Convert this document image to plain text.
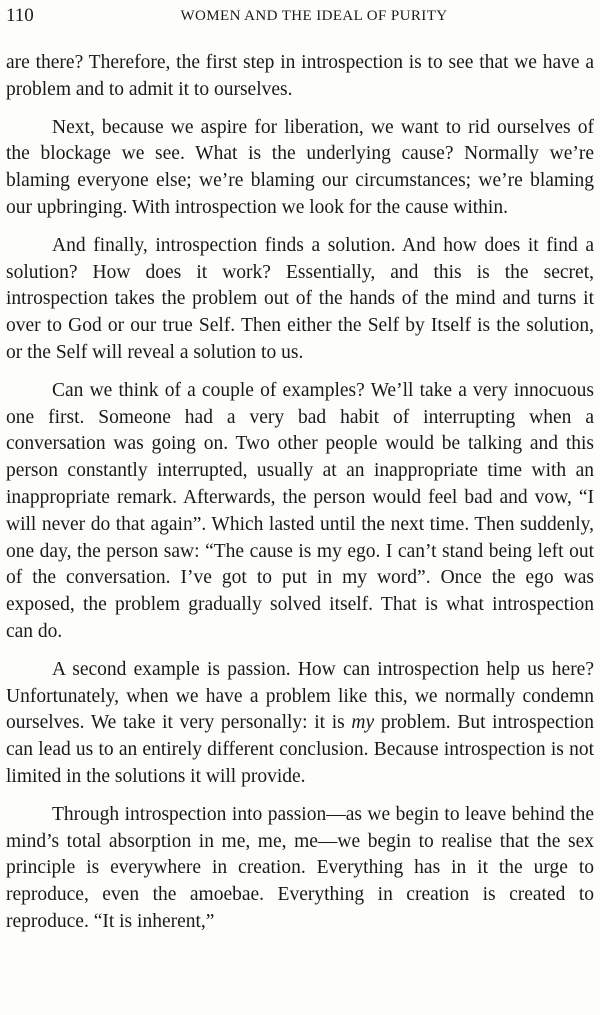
110	WOMEN AND THE IDEAL OF PURITY

are there? Therefore, the first step in introspection is to see that we have a problem and to admit it to ourselves.

Next, because we aspire for liberation, we want to rid ourselves of the blockage we see. What is the underlying cause? Normally we’re blaming everyone else; we’re blaming our circumstances; we’re blaming our upbringing. With introspection we look for the cause within.

And finally, introspection finds a solution. And how does it find a solution? How does it work? Essentially, and this is the secret, introspection takes the problem out of the hands of the mind and turns it over to God or our true Self. Then either the Self by Itself is the solution, or the Self will reveal a solution to us.

Can we think of a couple of examples? We’ll take a very innocuous one first. Someone had a very bad habit of interrupting when a conversation was going on. Two other people would be talking and this person constantly interrupted, usually at an inappropriate time with an inappropriate remark. Afterwards, the person would feel bad and vow, “I will never do that again”. Which lasted until the next time. Then suddenly, one day, the person saw: “The cause is my ego. I can’t stand being left out of the conversation. I’ve got to put in my word”. Once the ego was exposed, the problem gradually solved itself. That is what introspection can do.

A second example is passion. How can introspection help us here? Unfortunately, when we have a problem like this, we normally condemn ourselves. We take it very personally: it is my problem. But introspection can lead us to an entirely different conclusion. Because introspection is not limited in the solutions it will provide.

Through introspection into passion—as we begin to leave behind the mind’s total absorption in me, me, me—we begin to realise that the sex principle is everywhere in creation. Everything has in it the urge to reproduce, even the amoebae. Everything in creation is created to reproduce. “It is inherent,”
